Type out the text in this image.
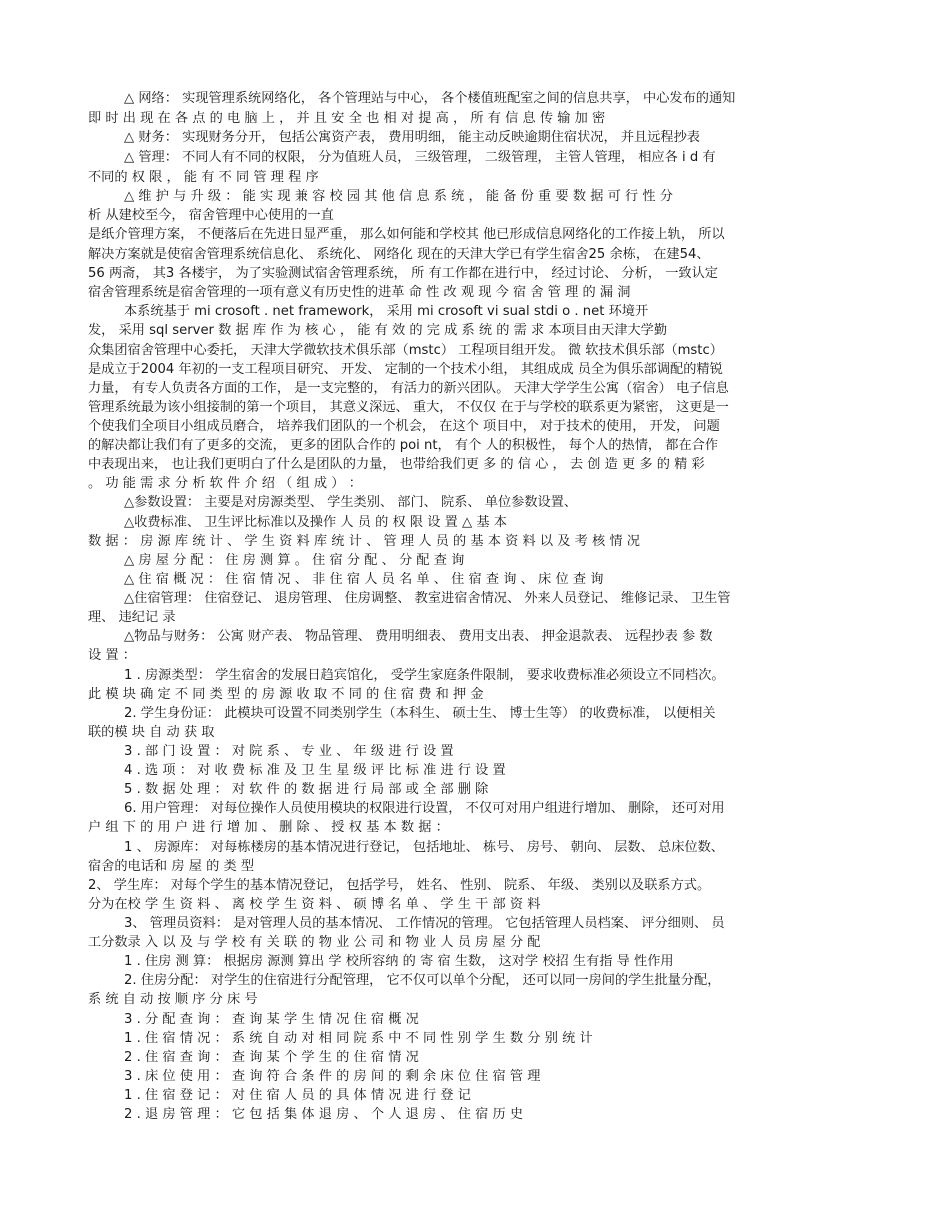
△ 网络： 实现管理系统网络化， 各个管理站与中心， 各个楼值班配室之间的信息共享， 中心发布的通知
即 时 出 现 在 各 点 的 电 脑 上 ， 并 且 安 全 也 相 对 提 高 ， 所 有 信 息 传 输 加 密
△ 财务： 实现财务分开， 包括公寓资产表， 费用明细， 能主动反映逾期住宿状况， 并且远程抄表
△ 管理： 不同人有不同的权限， 分为值班人员， 三级管理， 二级管理， 主管人管理， 相应各 i d 有
不同的 权 限 ， 能 有 不 同 管 理 程 序
△ 维 护 与 升 级 ： 能 实 现 兼 容 校 园 其 他 信 息 系 统 ， 能 备 份 重 要 数 据 可 行 性 分
析 从建校至今， 宿舍管理中心使用的一直
是纸介管理方案， 不便落后在先进日显严重， 那么如何能和学校其 他已形成信息网络化的工作接上轨， 所以
解决方案就是使宿舍管理系统信息化、 系统化、 网络化 现在的天津大学已有学生宿舍25 余栋， 在建54、
56 两斋， 其3 各楼宇， 为了实验测试宿舍管理系统， 所 有工作都在进行中， 经过讨论、 分析， 一致认定
宿舍管理系统是宿舍管理的一项有意义有历史性的进革 命 性 改 观 现 今 宿 舍 管 理 的 漏 洞
本系统基于 mi crosoft . net framework， 采用 mi crosoft vi sual stdi o . net 环境开
发， 采用 sql server 数 据 库 作 为 核 心 ， 能 有 效 的 完 成 系 统 的 需 求 本项目由天津大学勤
众集团宿舍管理中心委托， 天津大学微软技术俱乐部（mstc） 工程项目组开发。 微 软技术俱乐部（mstc）
是成立于2004 年初的一支工程项目研究、 开发、 定制的一个技术小组， 其组成成 员全为俱乐部调配的精锐
力量， 有专人负责各方面的工作， 是一支完整的， 有活力的新兴团队。 天津大学学生公寓（宿舍） 电子信息
管理系统最为该小组接制的第一个项目， 其意义深远、 重大， 不仅仅 在于与学校的联系更为紧密， 这更是一
个使我们全项目小组成员磨合， 培养我们团队的一个机会， 在这个 项目中， 对于技术的使用， 开发， 问题
的解决都让我们有了更多的交流， 更多的团队合作的 poi nt， 有个 人的积极性， 每个人的热情， 都在合作
中表现出来， 也让我们更明白了什么是团队的力量， 也带给我们更 多 的 信 心 ， 去 创 造 更 多 的 精 彩
。 功 能 需 求 分 析 软 件 介 绍 （ 组 成 ） ：
△参数设置： 主要是对房源类型、 学生类别、 部门、 院系、 单位参数设置、
△收费标准、 卫生评比标准以及操作 人 员 的 权 限 设 置 △ 基 本
数 据 ： 房 源 库 统 计 、 学 生 资 料 库 统 计 、 管 理 人 员 的 基 本 资 料 以 及 考 核 情 况
△ 房 屋 分 配 ： 住 房 测 算 。 住 宿 分 配 、 分 配 查 询
△ 住 宿 概 况 ： 住 宿 情 况 、 非 住 宿 人 员 名 单 、 住 宿 查 询 、 床 位 查 询
△住宿管理： 住宿登记、 退房管理、 住房调整、 教室进宿舍情况、 外来人员登记、 维修记录、 卫生管
理、 违纪记 录
△物品与财务： 公寓 财产表、 物品管理、 费用明细表、 费用支出表、 押金退款表、 远程抄表 参 数
设 置 ：
1 . 房源类型： 学生宿舍的发展日趋宾馆化， 受学生家庭条件限制， 要求收费标准必须设立不同档次。
此 模 块 确 定 不 同 类 型 的 房 源 收 取 不 同 的 住 宿 费 和 押 金
2. 学生身份证： 此模块可设置不同类别学生（本科生、 硕士生、 博士生等） 的收费标准， 以便相关
联的模 块 自 动 获 取
3 . 部 门 设 置 ： 对 院 系 、 专 业 、 年 级 进 行 设 置
4 . 选 项 ： 对 收 费 标 准 及 卫 生 星 级 评 比 标 准 进 行 设 置
5 . 数 据 处 理 ： 对 软 件 的 数 据 进 行 局 部 或 全 部 删 除
6. 用户管理： 对每位操作人员使用模块的权限进行设置， 不仅可对用户组进行增加、 删除， 还可对用
户 组 下 的 用 户 进 行 增 加 、 删 除 、 授 权 基 本 数 据 ：
1 、 房源库： 对每栋楼房的基本情况进行登记， 包括地址、 栋号、 房号、 朝向、 层数、 总床位数、
宿舍的电话和 房 屋 的 类 型
2、 学生库： 对每个学生的基本情况登记， 包括学号， 姓名、 性别、 院系、 年级、 类别以及联系方式。
分为在校 学 生 资 料 、 离 校 学 生 资 料 、 硕 博 名 单 、 学 生 干 部 资 料
3、 管理员资料： 是对管理人员的基本情况、 工作情况的管理。 它包括管理人员档案、 评分细则、 员
工分数录 入 以 及 与 学 校 有 关 联 的 物 业 公 司 和 物 业 人 员 房 屋 分 配
1 . 住房 测 算： 根据房 源测 算出 学 校所容纳 的 寄 宿 生数， 这对学 校招 生有指 导 性作用
2. 住房分配： 对学生的住宿进行分配管理， 它不仅可以单个分配， 还可以同一房间的学生批量分配，
系 统 自 动 按 顺 序 分 床 号
3 . 分 配 查 询 ： 查 询 某 学 生 情 况 住 宿 概 况
1 . 住 宿 情 况 ： 系 统 自 动 对 相 同 院 系 中 不 同 性 别 学 生 数 分 别 统 计
2 . 住 宿 查 询 ： 查 询 某 个 学 生 的 住 宿 情 况
3 . 床 位 使 用 ： 查 询 符 合 条 件 的 房 间 的 剩 余 床 位 住 宿 管 理
1 . 住 宿 登 记 ： 对 住 宿 人 员 的 具 体 情 况 进 行 登 记
2 . 退 房 管 理 ： 它 包 括 集 体 退 房 、 个 人 退 房 、 住 宿 历 史
